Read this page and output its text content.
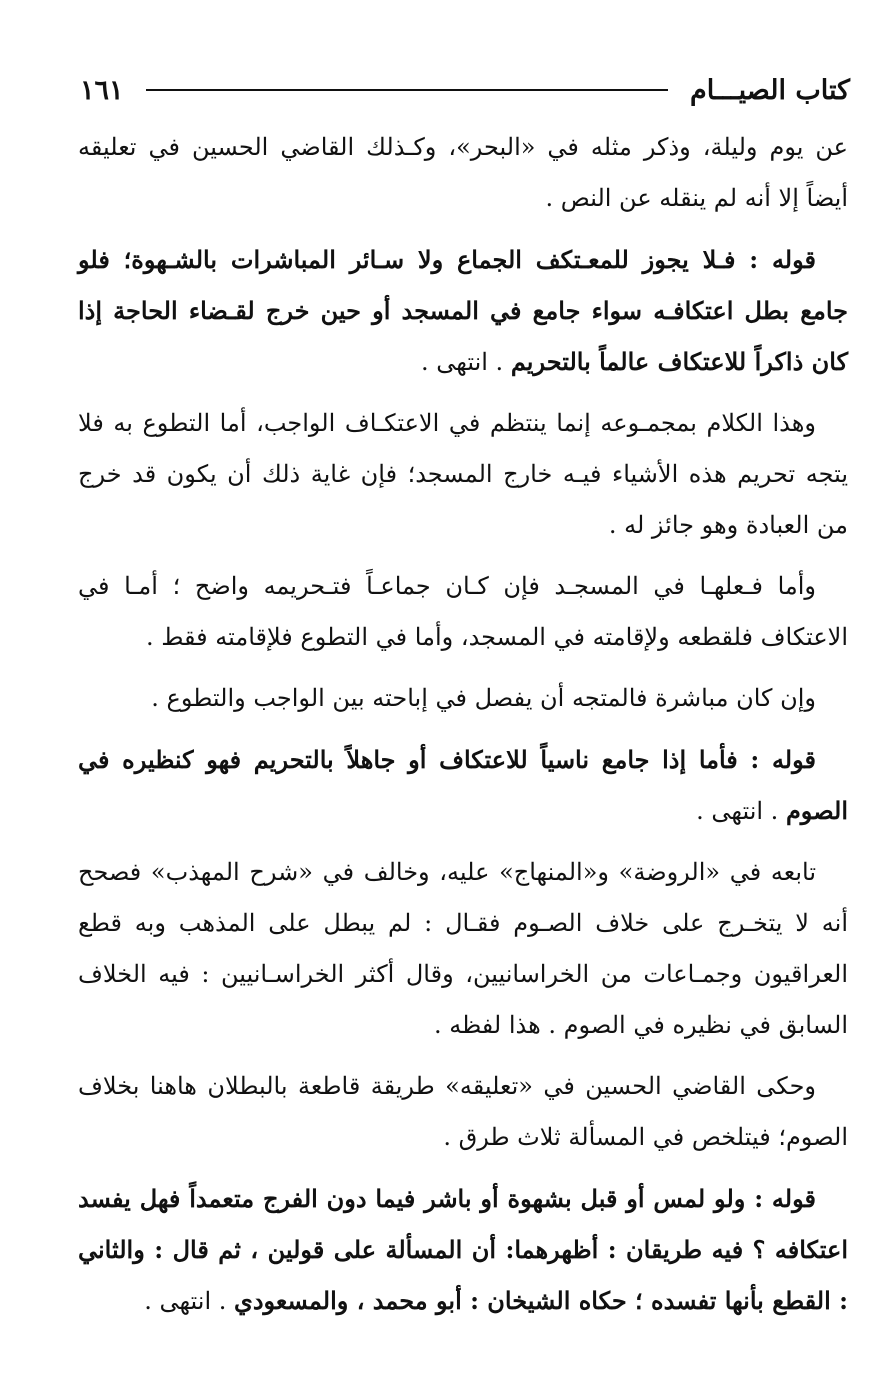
كتاب الصيـــام
١٦١

عن يوم وليلة، وذكر مثله في «البحر»، وكـذلك القاضي الحسين في تعليقه أيضاً إلا أنه لم ينقله عن النص .

قوله : فـلا يجوز للمعـتكف الجماع ولا سـائر المباشرات بالشـهوة؛ فلو جامع بطل اعتكافـه سواء جامع في المسجد أو حين خرج لقـضاء الحاجة إذا كان ذاكراً للاعتكاف عالماً بالتحريم . انتهى .

وهذا الكلام بمجمـوعه إنما ينتظم في الاعتكـاف الواجب، أما التطوع به فلا يتجه تحريم هذه الأشياء فيـه خارج المسجد؛ فإن غاية ذلك أن يكون قد خرج من العبادة وهو جائز له .

وأما فـعلهـا في المسجـد فإن كـان جماعـاً فتـحريمه واضح ؛ أمـا في الاعتكاف فلقطعه ولإقامته في المسجد، وأما في التطوع فلإقامته فقط .

وإن كان مباشرة فالمتجه أن يفصل في إباحته بين الواجب والتطوع .

قوله : فأما إذا جامع ناسياً للاعتكاف أو جاهلاً بالتحريم فهو كنظيره في الصوم . انتهى .

تابعه في «الروضة» و«المنهاج» عليه، وخالف في «شرح المهذب» فصحح أنه لا يتخـرج على خلاف الصـوم فقـال : لم يبطل على المذهب وبه قطع العراقيون وجمـاعات من الخراسانيين، وقال أكثر الخراسـانيين : فيه الخلاف السابق في نظيره في الصوم . هذا لفظه .

وحكى القاضي الحسين في «تعليقه» طريقة قاطعة بالبطلان هاهنا بخلاف الصوم؛ فيتلخص في المسألة ثلاث طرق .

قوله : ولو لمس أو قبل بشهوة أو باشر فيما دون الفرج متعمداً فهل يفسد اعتكافه ؟ فيه طريقان : أظهرهما: أن المسألة على قولين ، ثم قال : والثاني : القطع بأنها تفسده ؛ حكاه الشيخان : أبو محمد ، والمسعودي . انتهى .
